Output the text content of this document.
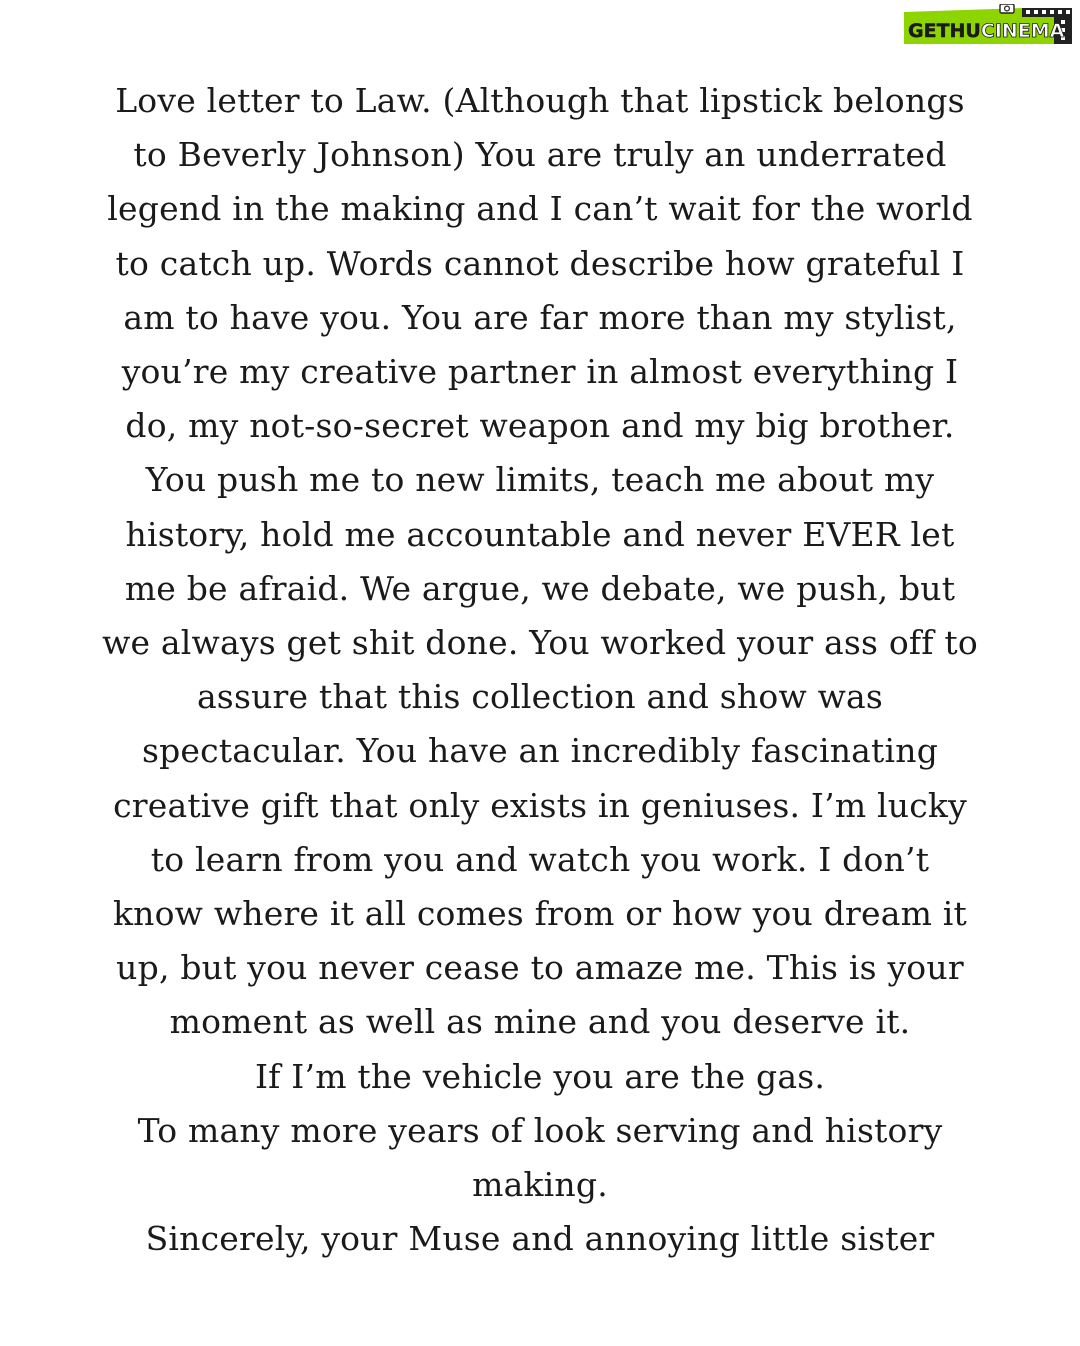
GETHUCINEMA
Love letter to Law. (Although that lipstick belongs
to Beverly Johnson) You are truly an underrated
legend in the making and I can’t wait for the world
to catch up. Words cannot describe how grateful I
am to have you. You are far more than my stylist,
you’re my creative partner in almost everything I
do, my not-so-secret weapon and my big brother.
You push me to new limits, teach me about my
history, hold me accountable and never EVER let
me be afraid. We argue, we debate, we push, but
we always get shit done. You worked your ass off to
assure that this collection and show was
spectacular. You have an incredibly fascinating
creative gift that only exists in geniuses. I’m lucky
to learn from you and watch you work. I don’t
know where it all comes from or how you dream it
up, but you never cease to amaze me. This is your
moment as well as mine and you deserve it.
If I’m the vehicle you are the gas.
To many more years of look serving and history
making.
Sincerely, your Muse and annoying little sister
